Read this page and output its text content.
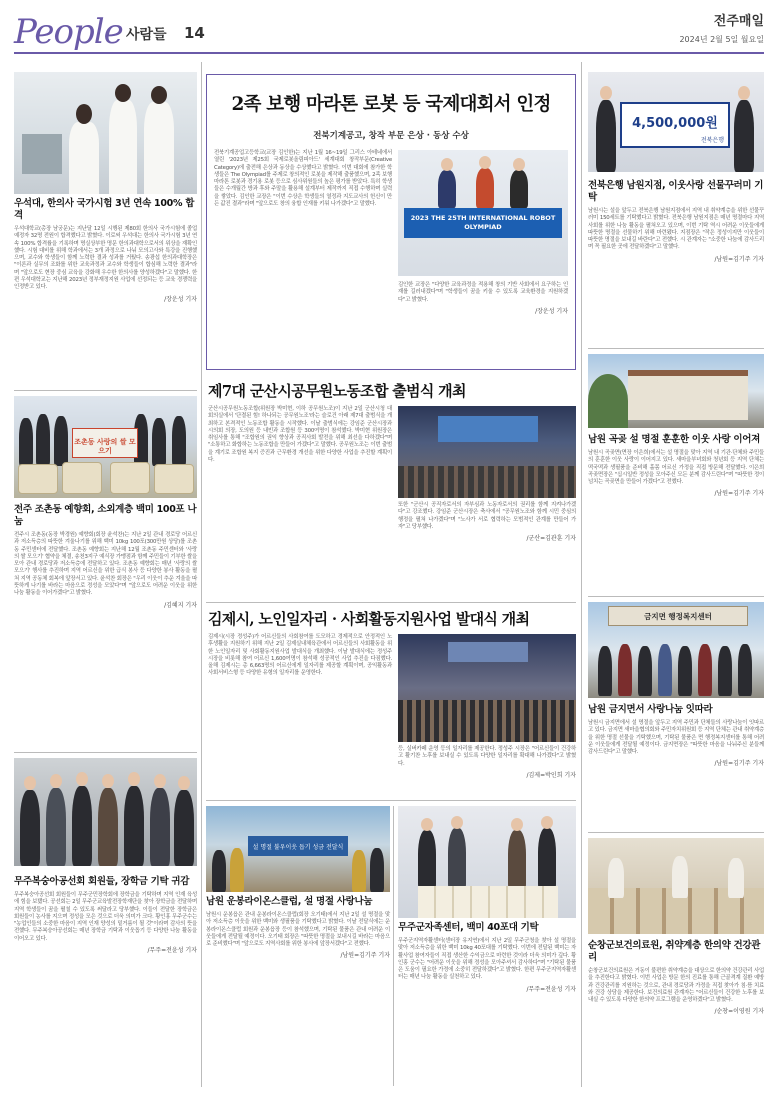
People 사람들 14
전주매일
2024년 2월 5일 월요일
우석대, 한의사 국가시험 3년 연속 100% 합격
우석대학교(총장 남궁문)는 지난달 12일 시행된 제80회 한의사 국가시험에 졸업예정자 32명 전원이 합격했다고 밝혔다. 이로써 우석대는 한의사 국가시험 3년 연속 100% 합격률을 기록하며 명실상부한 명문 한의과대학으로서의 위상을 재확인했다. 시험 대비를 위해 학과에서는 3개 과정으로 나눠 모의고사와 특강을 진행했으며, 교수와 학생들이 함께 노력한 결과 성과를 거뒀다. 송광섭 한의과대학장은 "이론과 실무의 조화를 위한 교육과정과 교수와 학생들이 합심해 노력한 결과"라며 "앞으로도 현장 중심 교육을 강화해 우수한 한의사를 양성하겠다"고 말했다. 한편 우석대학교는 지난해 2023년 정부재정지원 사업에 선정되는 등 교육 경쟁력을 인정받고 있다.
/장운성 기자
조촌동 사랑의 쌀 모으기
전주 조촌동 예향회, 소외계층 백미 100포 나눔
전주시 조촌동(동장 박경원) 예향회(회장 윤석찬)는 지난 2일 관내 경로당 어르신과 저소득층의 따뜻한 겨울나기를 위해 백미 10kg 100포(300만원 상당)를 조촌동 주민센터에 전달했다. 조촌동 예향회는 지난해 12월 조촌동 주민센터와 '사랑의 쌀 모으기' 협약을 체결, 송천3지구 예식장 가맹점과 함께 주민들이 기부한 쌀을 모아 관내 경로당과 저소득층에 전달하고 있다. 조촌동 예향회는 매년 '사랑의 쌀 모으기' 행사를 추진하며 지역 어르신을 위한 급식 봉사 등 다양한 봉사 활동을 펼쳐 지역 공동체 회복에 앞장서고 있다. 윤석찬 회장은 "우리 이웃이 추운 겨울을 따뜻하게 나기를 바라는 마음으로 정성을 모았다"며 "앞으로도 어려운 이웃을 위한 나눔 활동을 이어가겠다"고 밝혔다.
/김혜지 기자
무주복숭아공선회 회원들, 장학금 기탁 귀감
무주복숭아공선회 회원들이 무주군민장학회에 장학금을 기탁하며 지역 인재 육성에 힘을 보탰다. 공선회는 2일 무주군교육발전장학재단을 찾아 장학금을 전달하며 지역 학생들이 꿈을 펼칠 수 있도록 써달라고 당부했다. 이들이 전달한 장학금은 회원들이 농사를 지으며 정성을 모은 것으로 더욱 의미가 크다. 황인홍 무주군수는 "농업인들의 소중한 마음이 지역 인재 양성의 밑거름이 될 것"이라며 감사의 뜻을 전했다. 무주복숭아공선회는 매년 장학금 기탁과 이웃돕기 등 다양한 나눔 활동을 이어오고 있다.
/무주=전윤성 기자
2족 보행 마라톤 로봇 등 국제대회서 인정
전북기계공고, 창작 부문 은상 · 동상 수상
전북기계공업고등학교(교장 김인한)는 지난 1월 16~19일 그리스 아테네에서 열린 '2023년 제25회 국제로봇올림피아드' 세계대회 창작부문(Creative Category)에 출전해 은상과 동상을 수상했다고 밝혔다. 이번 대회에 참가한 학생들은 The Olympiad를 주제로 창의적인 로봇을 제작해 출품했으며, 2족 보행 마라톤 로봇과 경기용 로봇 등으로 심사위원들의 높은 평가를 받았다. 특히 학생들은 수개월간 방과 후와 주말을 활용해 설계부터 제작까지 직접 수행하며 실력을 쌓았다. 김인한 교장은 "이번 수상은 학생들의 열정과 지도교사의 헌신이 만든 값진 결과"라며 "앞으로도 창의 융합 인재를 키워 나가겠다"고 말했다.
2023 THE 25TH INTERNATIONAL ROBOT OLYMPIAD
김인한 교장은 "다양한 교육과정을 적용해 창의 기반 사회에서 요구하는 인재를 길러내겠다"며 "학생들이 꿈을 키울 수 있도록 교육환경을 지원하겠다"고 밝혔다.
/장운성 기자
제7대 군산시공무원노동조합 출범식 개최
군산시공무원노동조합(위원장 박미현, 이하 공무원노조)이 지난 2일 군산시청 대회의실에서 '단결된 힘! 하나되는 공무원노조'라는 슬로건 아래 제7대 출범식을 개최하고 본격적인 노동조합 활동을 시작했다. 이날 출범식에는 강임준 군산시장과 시의회 의장, 도의원 등 내빈과 조합원 등 300여명이 참석했다. 박미현 위원장은 취임사를 통해 "조합원의 권익 향상과 공직사회 발전을 위해 최선을 다하겠다"며 "소통하고 화합하는 노동조합을 만들어 가겠다"고 말했다. 공무원노조는 이번 출범을 계기로 조합원 복지 증진과 근무환경 개선을 위한 다양한 사업을 추진할 계획이다.
또한 "군산시 공직자로서의 자부심과 노동자로서의 권리를 함께 지켜나가겠다"고 강조했다. 강임준 군산시장은 축사에서 "공무원노조와 함께 시민 중심의 행정을 펼쳐 나가겠다"며 "노사가 서로 협력하는 모범적인 관계를 만들어 가자"고 당부했다.
/군산=김관훈 기자
김제시, 노인일자리 · 사회활동지원사업 발대식 개최
김제시(시장 정성주)가 어르신들의 사회참여를 도모하고 경제적으로 안정적인 노후생활을 지원하기 위해 지난 2일 김제실내체육관에서 어르신들의 사회활동을 위한 노인일자리 및 사회활동지원사업 발대식을 개최했다. 이날 발대식에는 정성주 시장을 비롯해 참여 어르신 1,600여명이 참석해 성공적인 사업 추진을 다짐했다. 올해 김제시는 총 6,663명의 어르신에게 일자리를 제공할 계획이며, 공익활동과 사회서비스형 등 다양한 유형의 일자리를 운영한다.
등, 실버카페 운영 등의 일자리를 제공한다. 정성주 시장은 "어르신들이 건강하고 활기찬 노후를 보내실 수 있도록 다양한 일자리를 확대해 나가겠다"고 밝혔다.
/김제=박인희 기자
설 명절 불우이웃 돕기 성금 전달식
남원 운봉라이온스클럽, 설 명절 사랑나눔
남원시 운봉읍은 관내 운봉라이온스클럽(회장 오기태)에서 지난 2일 설 명절을 맞아 저소득층 이웃을 위한 백미와 생필품을 기탁했다고 밝혔다. 이날 전달식에는 운봉라이온스클럽 회원과 운봉읍장 등이 참석했으며, 기탁된 물품은 관내 어려운 이웃들에게 전달될 예정이다. 오기태 회장은 "따뜻한 명절을 보내시길 바라는 마음으로 준비했다"며 "앞으로도 지역사회를 위한 봉사에 앞장서겠다"고 전했다.
/남원=김기주 기자
무주군자족센터, 백미 40포대 기탁
무주군지역자활센터(센터장 유지연)에서 지난 2일 무주군청을 찾아 설 명절을 맞아 저소득층을 위한 백미 10kg 40포대를 기탁했다. 이번에 전달된 백미는 자활사업 참여자들이 직접 생산한 수익금으로 마련한 것이라 더욱 의미가 깊다. 황인홍 군수는 "어려운 이웃을 위해 정성을 모아주셔서 감사하다"며 "기탁된 물품은 도움이 필요한 가정에 소중히 전달하겠다"고 밝혔다. 한편 무주군지역자활센터는 매년 나눔 활동을 실천하고 있다.
/무주=전윤성 기자
4,500,000원
전북은행
전북은행 남원지점, 이웃사랑 선물꾸러미 기탁
남원시는 설을 앞두고 전북은행 남원지점에서 지역 내 취약계층을 위한 선물꾸러미 150세트를 기탁했다고 밝혔다. 전북은행 남원지점은 매년 명절마다 지역사회를 위한 나눔 활동을 펼쳐오고 있으며, 이번 기탁 역시 어려운 이웃들에게 따뜻한 명절을 선물하기 위해 마련됐다. 지점장은 "작은 정성이지만 이웃들이 따뜻한 명절을 보내길 바란다"고 전했다. 시 관계자는 "소중한 나눔에 감사드리며 꼭 필요한 곳에 전달하겠다"고 말했다.
/남원=김기주 기자
남원 곡곶 설 명절 훈훈한 이웃 사랑 이어져
남원시 곡곶면(면장 이은희)에서는 설 명절을 맞아 지역 내 기관·단체와 주민들의 훈훈한 이웃 사랑이 이어지고 있다. 새마을부녀회와 청년회 등 지역 단체는 떡국떡과 생필품을 준비해 홀몸 어르신 가정을 직접 방문해 전달했다. 이은희 곡곶면장은 "십시일반 정성을 모아주신 모든 분께 감사드린다"며 "따뜻한 정이 넘치는 곡곶면을 만들어 가겠다"고 전했다.
/남원=김기주 기자
금지면 행정복지센터
남원 금지면서 사랑나눔 잇따라
남원시 금지면에서 설 명절을 앞두고 지역 주민과 단체들의 사랑나눔이 잇따르고 있다. 금지면 새마을협의회와 주민자치위원회 등 지역 단체는 관내 취약계층을 위한 명절 선물을 기탁했으며, 기탁된 물품은 면 행정복지센터를 통해 어려운 이웃들에게 전달될 예정이다. 금지면장은 "따뜻한 마음을 나눠주신 분들께 감사드린다"고 말했다.
/남원=김기주 기자
순창군보건의료원, 취약계층 한의약 건강관리
순창군보건의료원은 거동이 불편한 취약계층을 대상으로 한의약 건강관리 사업을 추진한다고 밝혔다. 이번 사업은 방문 한의 진료를 통해 근골격계 질환 예방과 건강관리를 지원하는 것으로, 관내 경로당과 가정을 직접 찾아가 침·뜸 치료와 건강 상담을 제공한다. 보건의료원 관계자는 "어르신들이 건강한 노후를 보내실 수 있도록 다양한 한의약 프로그램을 운영하겠다"고 밝혔다.
/순창=이영원 기자
